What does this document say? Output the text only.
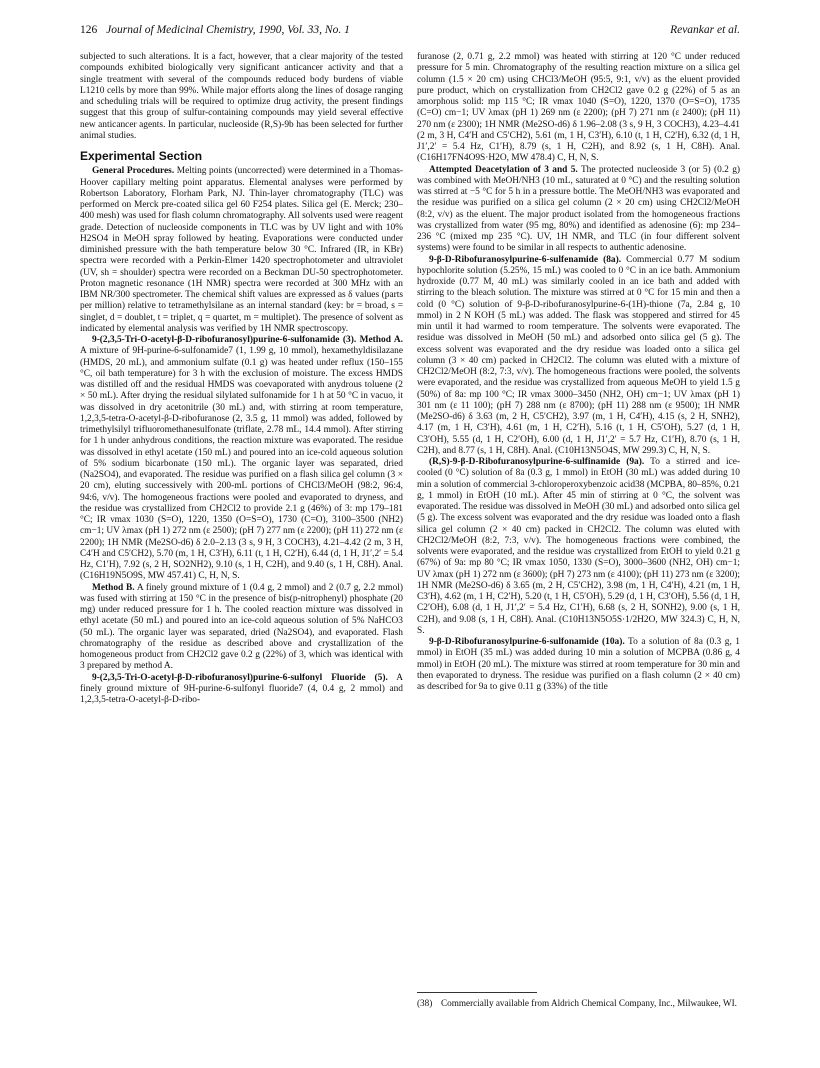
126 Journal of Medicinal Chemistry, 1990, Vol. 33, No. 1	Revankar et al.

subjected to such alterations. It is a fact, however, that a clear majority of the tested compounds exhibited biologically very significant anticancer activity and that a single treatment with several of the compounds reduced body burdens of viable L1210 cells by more than 99%. While major efforts along the lines of dosage ranging and scheduling trials will be required to optimize drug activity, the present findings suggest that this group of sulfur-containing compounds may yield several effective new anticancer agents. In particular, nucleoside (R,S)-9b has been selected for further animal studies.

Experimental Section

General Procedures. Melting points (uncorrected) were determined in a Thomas-Hoover capillary melting point apparatus. Elemental analyses were performed by Robertson Laboratory, Florham Park, NJ. Thin-layer chromatography (TLC) was performed on Merck pre-coated silica gel 60 F254 plates. Silica gel (E. Merck; 230–400 mesh) was used for flash column chromatography. All solvents used were reagent grade. Detection of nucleoside components in TLC was by UV light and with 10% H2SO4 in MeOH spray followed by heating. Evaporations were conducted under diminished pressure with the bath temperature below 30 °C. Infrared (IR, in KBr) spectra were recorded with a Perkin-Elmer 1420 spectrophotometer and ultraviolet (UV, sh = shoulder) spectra were recorded on a Beckman DU-50 spectrophotometer. Proton magnetic resonance (1H NMR) spectra were recorded at 300 MHz with an IBM NR/300 spectrometer. The chemical shift values are expressed as δ values (parts per million) relative to tetramethylsilane as an internal standard (key: br = broad, s = singlet, d = doublet, t = triplet, q = quartet, m = multiplet). The presence of solvent as indicated by elemental analysis was verified by 1H NMR spectroscopy.

9-(2,3,5-Tri-O-acetyl-β-D-ribofuranosyl)purine-6-sulfonamide (3). Method A. A mixture of 9H-purine-6-sulfonamide7 (1, 1.99 g, 10 mmol), hexamethyldisilazane (HMDS, 20 mL), and ammonium sulfate (0.1 g) was heated under reflux (150–155 °C, oil bath temperature) for 3 h with the exclusion of moisture. The excess HMDS was distilled off and the residual HMDS was coevaporated with anydrous toluene (2 × 50 mL). After drying the residual silylated sulfonamide for 1 h at 50 °C in vacuo, it was dissolved in dry acetonitrile (30 mL) and, with stirring at room temperature, 1,2,3,5-tetra-O-acetyl-β-D-ribofuranose (2, 3.5 g, 11 mmol) was added, followed by trimethylsilyl trifluoromethanesulfonate (triflate, 2.78 mL, 14.4 mmol). After stirring for 1 h under anhydrous conditions, the reaction mixture was evaporated. The residue was dissolved in ethyl acetate (150 mL) and poured into an ice-cold aqueous solution of 5% sodium bicarbonate (150 mL). The organic layer was separated, dried (Na2SO4), and evaporated. The residue was purified on a flash silica gel column (3 × 20 cm), eluting successively with 200-mL portions of CHCl3/MeOH (98:2, 96:4, 94:6, v/v). The homogeneous fractions were pooled and evaporated to dryness, and the residue was crystallized from CH2Cl2 to provide 2.1 g (46%) of 3: mp 179–181 °C; IR νmax 1030 (S=O), 1220, 1350 (O=S=O), 1730 (C=O), 3100–3500 (NH2) cm−1; UV λmax (pH 1) 272 nm (ε 2500); (pH 7) 277 nm (ε 2200); (pH 11) 272 nm (ε 2200); 1H NMR (Me2SO-d6) δ 2.0–2.13 (3 s, 9 H, 3 COCH3), 4.21–4.42 (2 m, 3 H, C4′H and C5′CH2), 5.70 (m, 1 H, C3′H), 6.11 (t, 1 H, C2′H), 6.44 (d, 1 H, J1′,2′ = 5.4 Hz, C1′H), 7.92 (s, 2 H, SO2NH2), 9.10 (s, 1 H, C2H), and 9.40 (s, 1 H, C8H). Anal. (C16H19N5O9S, MW 457.41) C, H, N, S.

Method B. A finely ground mixture of 1 (0.4 g, 2 mmol) and 2 (0.7 g, 2.2 mmol) was fused with stirring at 150 °C in the presence of bis(p-nitrophenyl) phosphate (20 mg) under reduced pressure for 1 h. The cooled reaction mixture was dissolved in ethyl acetate (50 mL) and poured into an ice-cold aqueous solution of 5% NaHCO3 (50 mL). The organic layer was separated, dried (Na2SO4), and evaporated. Flash chromatography of the residue as described above and crystallization of the homogeneous product from CH2Cl2 gave 0.2 g (22%) of 3, which was identical with 3 prepared by method A.

9-(2,3,5-Tri-O-acetyl-β-D-ribofuranosyl)purine-6-sulfonyl Fluoride (5). A finely ground mixture of 9H-purine-6-sulfonyl fluoride7 (4, 0.4 g, 2 mmol) and 1,2,3,5-tetra-O-acetyl-β-D-ribo-

furanose (2, 0.71 g, 2.2 mmol) was heated with stirring at 120 °C under reduced pressure for 5 min. Chromatography of the resulting reaction mixture on a silica gel column (1.5 × 20 cm) using CHCl3/MeOH (95:5, 9:1, v/v) as the eluent provided pure product, which on crystallization from CH2Cl2 gave 0.2 g (22%) of 5 as an amorphous solid: mp 115 °C; IR νmax 1040 (S=O), 1220, 1370 (O=S=O), 1735 (C=O) cm−1; UV λmax (pH 1) 269 nm (ε 2200); (pH 7) 271 nm (ε 2400); (pH 11) 270 nm (ε 2300); 1H NMR (Me2SO-d6) δ 1.96–2.08 (3 s, 9 H, 3 COCH3), 4.23–4.41 (2 m, 3 H, C4′H and C5′CH2), 5.61 (m, 1 H, C3′H), 6.10 (t, 1 H, C2′H), 6.32 (d, 1 H, J1′,2′ = 5.4 Hz, C1′H), 8.79 (s, 1 H, C2H), and 8.92 (s, 1 H, C8H). Anal. (C16H17FN4O9S·H2O, MW 478.4) C, H, N, S.

Attempted Deacetylation of 3 and 5. The protected nucleoside 3 (or 5) (0.2 g) was combined with MeOH/NH3 (10 mL, saturated at 0 °C) and the resulting solution was stirred at −5 °C for 5 h in a pressure bottle. The MeOH/NH3 was evaporated and the residue was purified on a silica gel column (2 × 20 cm) using CH2Cl2/MeOH (8:2, v/v) as the eluent. The major product isolated from the homogeneous fractions was crystallized from water (95 mg, 80%) and identified as adenosine (6): mp 234–236 °C (mixed mp 235 °C). UV, 1H NMR, and TLC (in four different solvent systems) were found to be similar in all respects to authentic adenosine.

9-β-D-Ribofuranosylpurine-6-sulfenamide (8a). Commercial 0.77 M sodium hypochlorite solution (5.25%, 15 mL) was cooled to 0 °C in an ice bath. Ammonium hydroxide (0.77 M, 40 mL) was similarly cooled in an ice bath and added with stirring to the bleach solution. The mixture was stirred at 0 °C for 15 min and then a cold (0 °C) solution of 9-β-D-ribofuranosylpurine-6-(1H)-thione (7a, 2.84 g, 10 mmol) in 2 N KOH (5 mL) was added. The flask was stoppered and stirred for 45 min until it had warmed to room temperature. The solvents were evaporated. The residue was dissolved in MeOH (50 mL) and adsorbed onto silica gel (5 g). The excess solvent was evaporated and the dry residue was loaded onto a silica gel column (3 × 40 cm) packed in CH2Cl2. The column was eluted with a mixture of CH2Cl2/MeOH (8:2, 7:3, v/v). The homogeneous fractions were pooled, the solvents were evaporated, and the residue was crystallized from aqueous MeOH to yield 1.5 g (50%) of 8a: mp 100 °C; IR νmax 3000–3450 (NH2, OH) cm−1; UV λmax (pH 1) 301 nm (ε 11 100); (pH 7) 288 nm (ε 8700); (pH 11) 288 nm (ε 9500); 1H NMR (Me2SO-d6) δ 3.63 (m, 2 H, C5′CH2), 3.97 (m, 1 H, C4′H), 4.15 (s, 2 H, SNH2), 4.17 (m, 1 H, C3′H), 4.61 (m, 1 H, C2′H), 5.16 (t, 1 H, C5′OH), 5.27 (d, 1 H, C3′OH), 5.55 (d, 1 H, C2′OH), 6.00 (d, 1 H, J1′,2′ = 5.7 Hz, C1′H), 8.70 (s, 1 H, C2H), and 8.77 (s, 1 H, C8H). Anal. (C10H13N5O4S, MW 299.3) C, H, N, S.

(R,S)-9-β-D-Ribofuranosylpurine-6-sulfinamide (9a). To a stirred and ice-cooled (0 °C) solution of 8a (0.3 g, 1 mmol) in EtOH (30 mL) was added during 10 min a solution of commercial 3-chloroperoxybenzoic acid38 (MCPBA, 80–85%, 0.21 g, 1 mmol) in EtOH (10 mL). After 45 min of stirring at 0 °C, the solvent was evaporated. The residue was dissolved in MeOH (30 mL) and adsorbed onto silica gel (5 g). The excess solvent was evaporated and the dry residue was loaded onto a flash silica gel column (2 × 40 cm) packed in CH2Cl2. The column was eluted with CH2Cl2/MeOH (8:2, 7:3, v/v). The homogeneous fractions were combined, the solvents were evaporated, and the residue was crystallized from EtOH to yield 0.21 g (67%) of 9a: mp 80 °C; IR νmax 1050, 1330 (S=O), 3000–3600 (NH2, OH) cm−1; UV λmax (pH 1) 272 nm (ε 3600); (pH 7) 273 nm (ε 4100); (pH 11) 273 nm (ε 3200); 1H NMR (Me2SO-d6) δ 3.65 (m, 2 H, C5′CH2), 3.98 (m, 1 H, C4′H), 4.21 (m, 1 H, C3′H), 4.62 (m, 1 H, C2′H), 5.20 (t, 1 H, C5′OH), 5.29 (d, 1 H, C3′OH), 5.56 (d, 1 H, C2′OH), 6.08 (d, 1 H, J1′,2′ = 5.4 Hz, C1′H), 6.68 (s, 2 H, SONH2), 9.00 (s, 1 H, C2H), and 9.08 (s, 1 H, C8H). Anal. (C10H13N5O5S·1/2H2O, MW 324.3) C, H, N, S.

9-β-D-Ribofuranosylpurine-6-sulfonamide (10a). To a solution of 8a (0.3 g, 1 mmol) in EtOH (35 mL) was added during 10 min a solution of MCPBA (0.86 g, 4 mmol) in EtOH (20 mL). The mixture was stirred at room temperature for 30 min and then evaporated to dryness. The residue was purified on a flash column (2 × 40 cm) as described for 9a to give 0.11 g (33%) of the title

(38) Commercially available from Aldrich Chemical Company, Inc., Milwaukee, WI.
